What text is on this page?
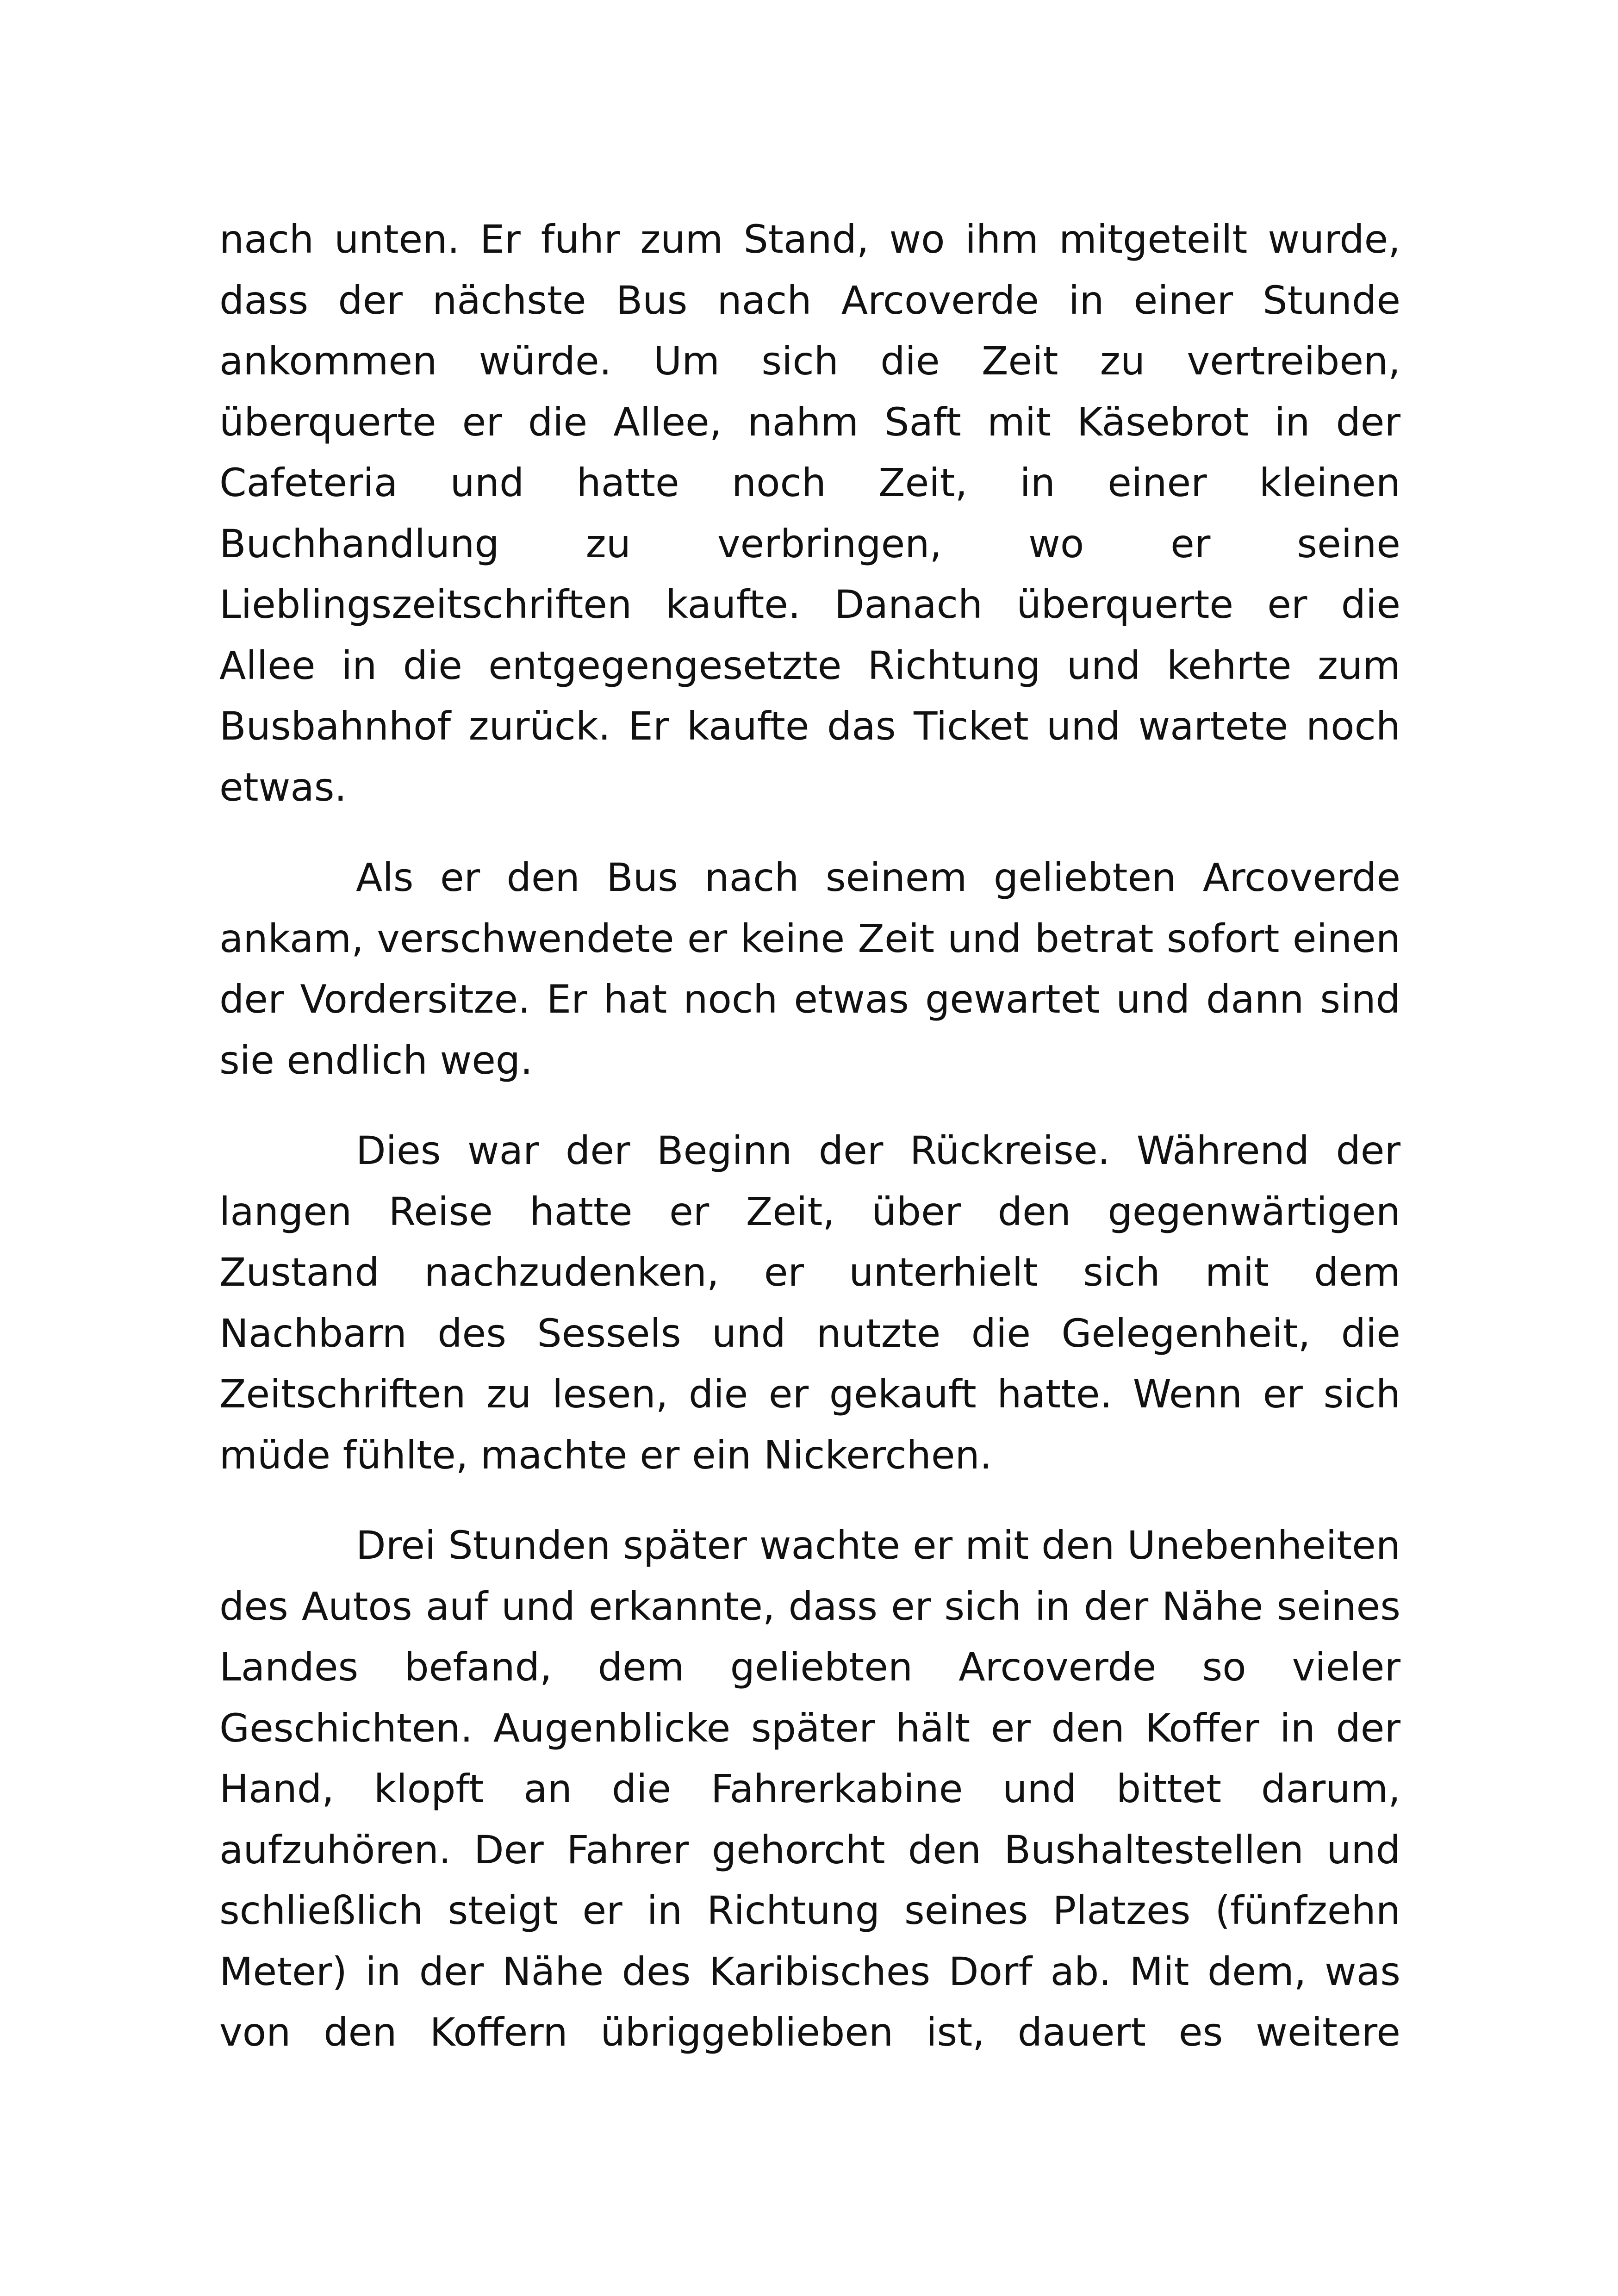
nach unten. Er fuhr zum Stand, wo ihm mitgeteilt wurde, dass der nächste Bus nach Arcoverde in einer Stunde ankommen würde. Um sich die Zeit zu vertreiben, überquerte er die Allee, nahm Saft mit Käsebrot in der Cafeteria und hatte noch Zeit, in einer kleinen Buchhandlung zu verbringen, wo er seine Lieblingszeitschriften kaufte. Danach überquerte er die Allee in die entgegengesetzte Richtung und kehrte zum Busbahnhof zurück. Er kaufte das Ticket und wartete noch etwas.

Als er den Bus nach seinem geliebten Arcoverde ankam, verschwendete er keine Zeit und betrat sofort einen der Vordersitze. Er hat noch etwas gewartet und dann sind sie endlich weg.

Dies war der Beginn der Rückreise. Während der langen Reise hatte er Zeit, über den gegenwärtigen Zustand nachzudenken, er unterhielt sich mit dem Nachbarn des Sessels und nutzte die Gelegenheit, die Zeitschriften zu lesen, die er gekauft hatte. Wenn er sich müde fühlte, machte er ein Nickerchen.

Drei Stunden später wachte er mit den Unebenheiten des Autos auf und erkannte, dass er sich in der Nähe seines Landes befand, dem geliebten Arcoverde so vieler Geschichten. Augenblicke später hält er den Koffer in der Hand, klopft an die Fahrerkabine und bittet darum, aufzuhören. Der Fahrer gehorcht den Bushaltestellen und schließlich steigt er in Richtung seines Platzes (fünfzehn Meter) in der Nähe des Karibisches Dorf ab. Mit dem, was von den Koffern übriggeblieben ist, dauert es weitere
